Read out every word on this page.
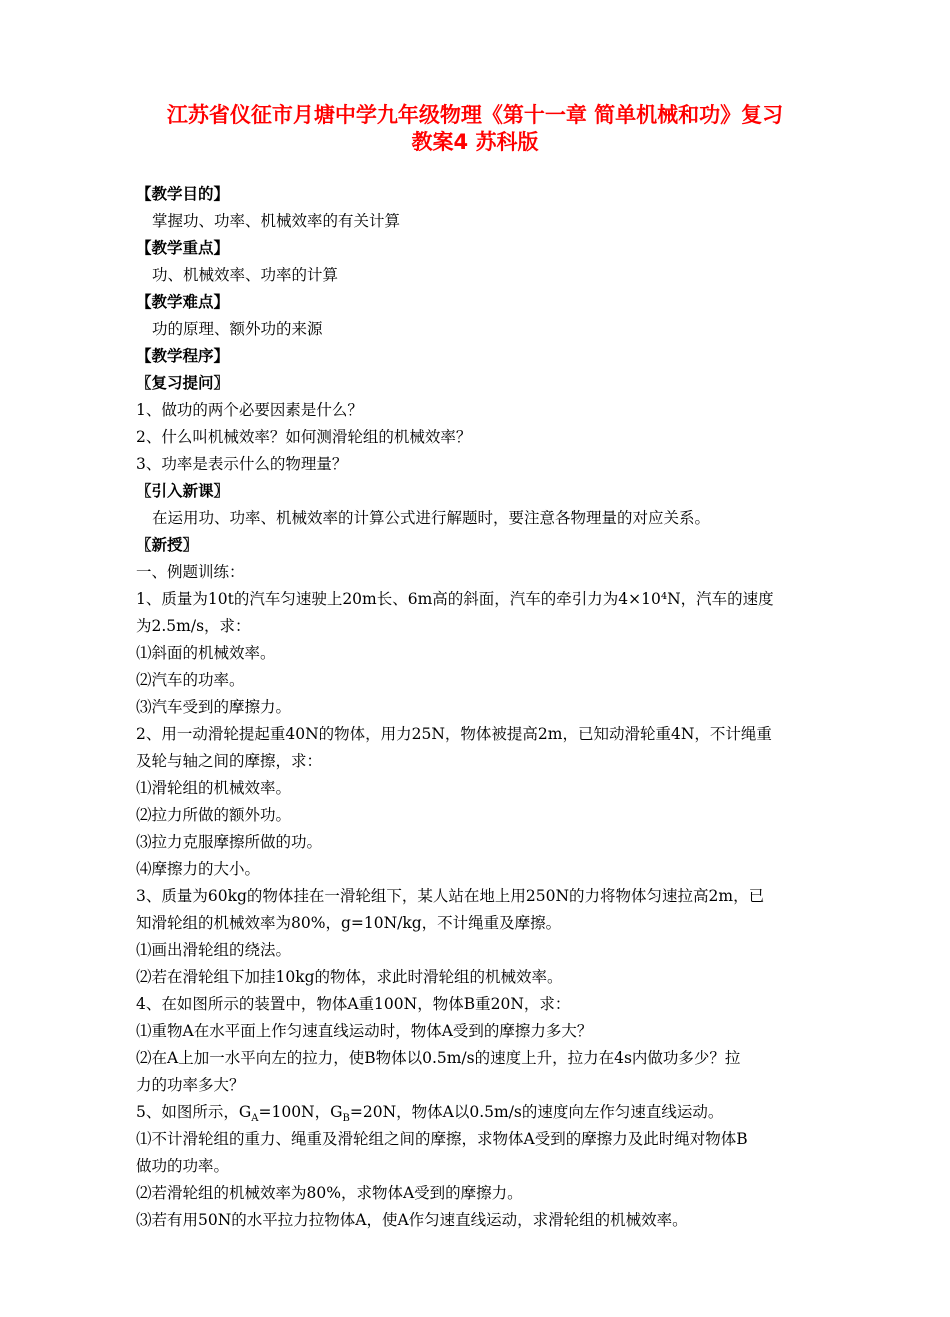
江苏省仪征市月塘中学九年级物理《第十一章 简单机械和功》复习
教案4 苏科版

【教学目的】

掌握功、功率、机械效率的有关计算

【教学重点】

功、机械效率、功率的计算

【教学难点】

功的原理、额外功的来源

【教学程序】

〖复习提问〗

1、做功的两个必要因素是什么？

2、什么叫机械效率？如何测滑轮组的机械效率？

3、功率是表示什么的物理量？

〖引入新课〗

在运用功、功率、机械效率的计算公式进行解题时，要注意各物理量的对应关系。

〖新授〗

一、例题训练：

1、质量为10t的汽车匀速驶上20m长、6m高的斜面，汽车的牵引力为4×10⁴N，汽车的速度

为2.5m/s，求：

⑴斜面的机械效率。

⑵汽车的功率。

⑶汽车受到的摩擦力。

2、用一动滑轮提起重40N的物体，用力25N，物体被提高2m，已知动滑轮重4N，不计绳重

及轮与轴之间的摩擦，求：

⑴滑轮组的机械效率。

⑵拉力所做的额外功。

⑶拉力克服摩擦所做的功。

⑷摩擦力的大小。

3、质量为60kg的物体挂在一滑轮组下，某人站在地上用250N的力将物体匀速拉高2m，已

知滑轮组的机械效率为80%，g=10N/kg，不计绳重及摩擦。

⑴画出滑轮组的绕法。

⑵若在滑轮组下加挂10kg的物体，求此时滑轮组的机械效率。

4、在如图所示的装置中，物体A重100N，物体B重20N，求：

⑴重物A在水平面上作匀速直线运动时，物体A受到的摩擦力多大？

⑵在A上加一水平向左的拉力，使B物体以0.5m/s的速度上升，拉力在4s内做功多少？拉

力的功率多大？

5、如图所示，$G_A=100N$，$G_B=20N$，物体A以0.5m/s的速度向左作匀速直线运动。

⑴不计滑轮组的重力、绳重及滑轮组之间的摩擦，求物体A受到的摩擦力及此时绳对物体B

做功的功率。

⑵若滑轮组的机械效率为80%，求物体A受到的摩擦力。

⑶若有用50N的水平拉力拉物体A，使A作匀速直线运动，求滑轮组的机械效率。
